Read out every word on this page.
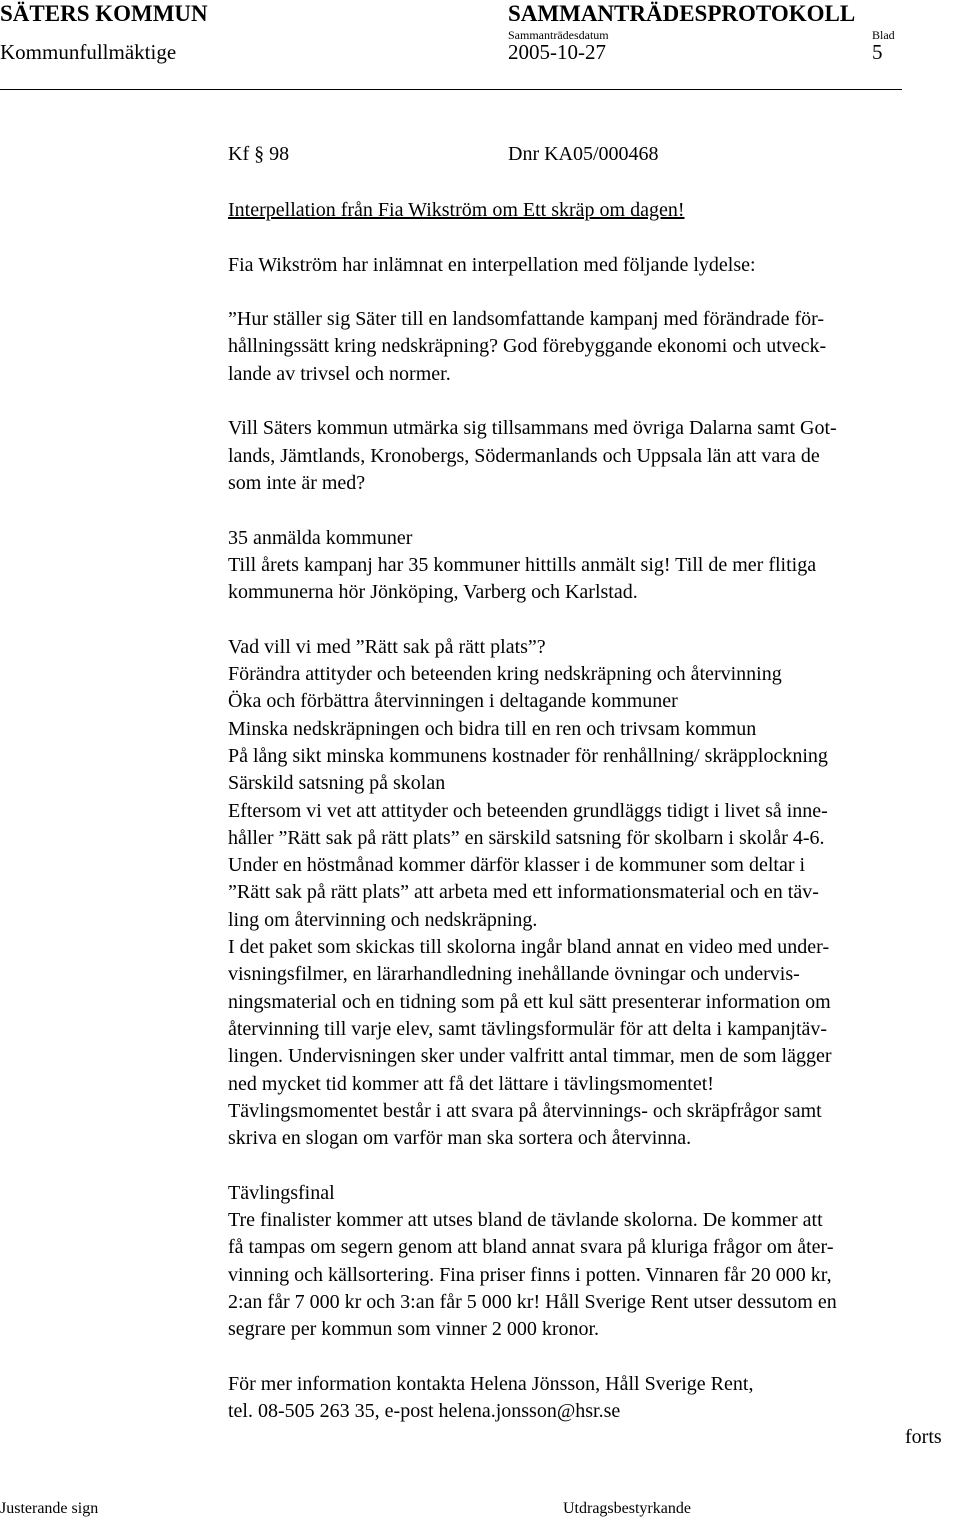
SÄTERS KOMMUN	SAMMANTRÄDESPROTOKOLL
Kommunfullmäktige
Sammanträdesdatum
2005-10-27
Blad
5
Kf § 98	Dnr KA05/000468
Interpellation från Fia Wikström om Ett skräp om dagen!
Fia Wikström har inlämnat en interpellation med följande lydelse:
”Hur ställer sig Säter till en landsomfattande kampanj med förändrade för-
hållningssätt kring nedskräpning? God förebyggande ekonomi och utveck-
lande av trivsel och normer.
Vill Säters kommun utmärka sig tillsammans med övriga Dalarna samt Got-
lands, Jämtlands, Kronobergs, Södermanlands och Uppsala län att vara de
som inte är med?
35 anmälda kommuner
Till årets kampanj har 35 kommuner hittills anmält sig! Till de mer flitiga
kommunerna hör Jönköping, Varberg och Karlstad.
Vad vill vi med ”Rätt sak på rätt plats”?
Förändra attityder och beteenden kring nedskräpning och återvinning
Öka och förbättra återvinningen i deltagande kommuner
Minska nedskräpningen och bidra till en ren och trivsam kommun
På lång sikt minska kommunens kostnader för renhållning/ skräpplockning
Särskild satsning på skolan
Eftersom vi vet att attityder och beteenden grundläggs tidigt i livet så inne-
håller ”Rätt sak på rätt plats” en särskild satsning för skolbarn i skolår 4-6.
Under en höstmånad kommer därför klasser i de kommuner som deltar i
”Rätt sak på rätt plats” att arbeta med ett informationsmaterial och en täv-
ling om återvinning och nedskräpning.
I det paket som skickas till skolorna ingår bland annat en video med under-
visningsfilmer, en lärarhandledning inehållande övningar och undervis-
ningsmaterial och en tidning som på ett kul sätt presenterar information om
återvinning till varje elev, samt tävlingsformulär för att delta i kampanjtäv-
lingen. Undervisningen sker under valfritt antal timmar, men de som lägger
ned mycket tid kommer att få det lättare i tävlingsmomentet!
Tävlingsmomentet består i att svara på återvinnings- och skräpfrågor samt
skriva en slogan om varför man ska sortera och återvinna.
Tävlingsfinal
Tre finalister kommer att utses bland de tävlande skolorna. De kommer att
få tampas om segern genom att bland annat svara på kluriga frågor om åter-
vinning och källsortering. Fina priser finns i potten. Vinnaren får 20 000 kr,
2:an får 7 000 kr och 3:an får 5 000 kr! Håll Sverige Rent utser dessutom en
segrare per kommun som vinner 2 000 kronor.
För mer information kontakta Helena Jönsson, Håll Sverige Rent,
tel. 08-505 263 35, e-post helena.jonsson@hsr.se
forts
Justerande sign	Utdragsbestyrkande
